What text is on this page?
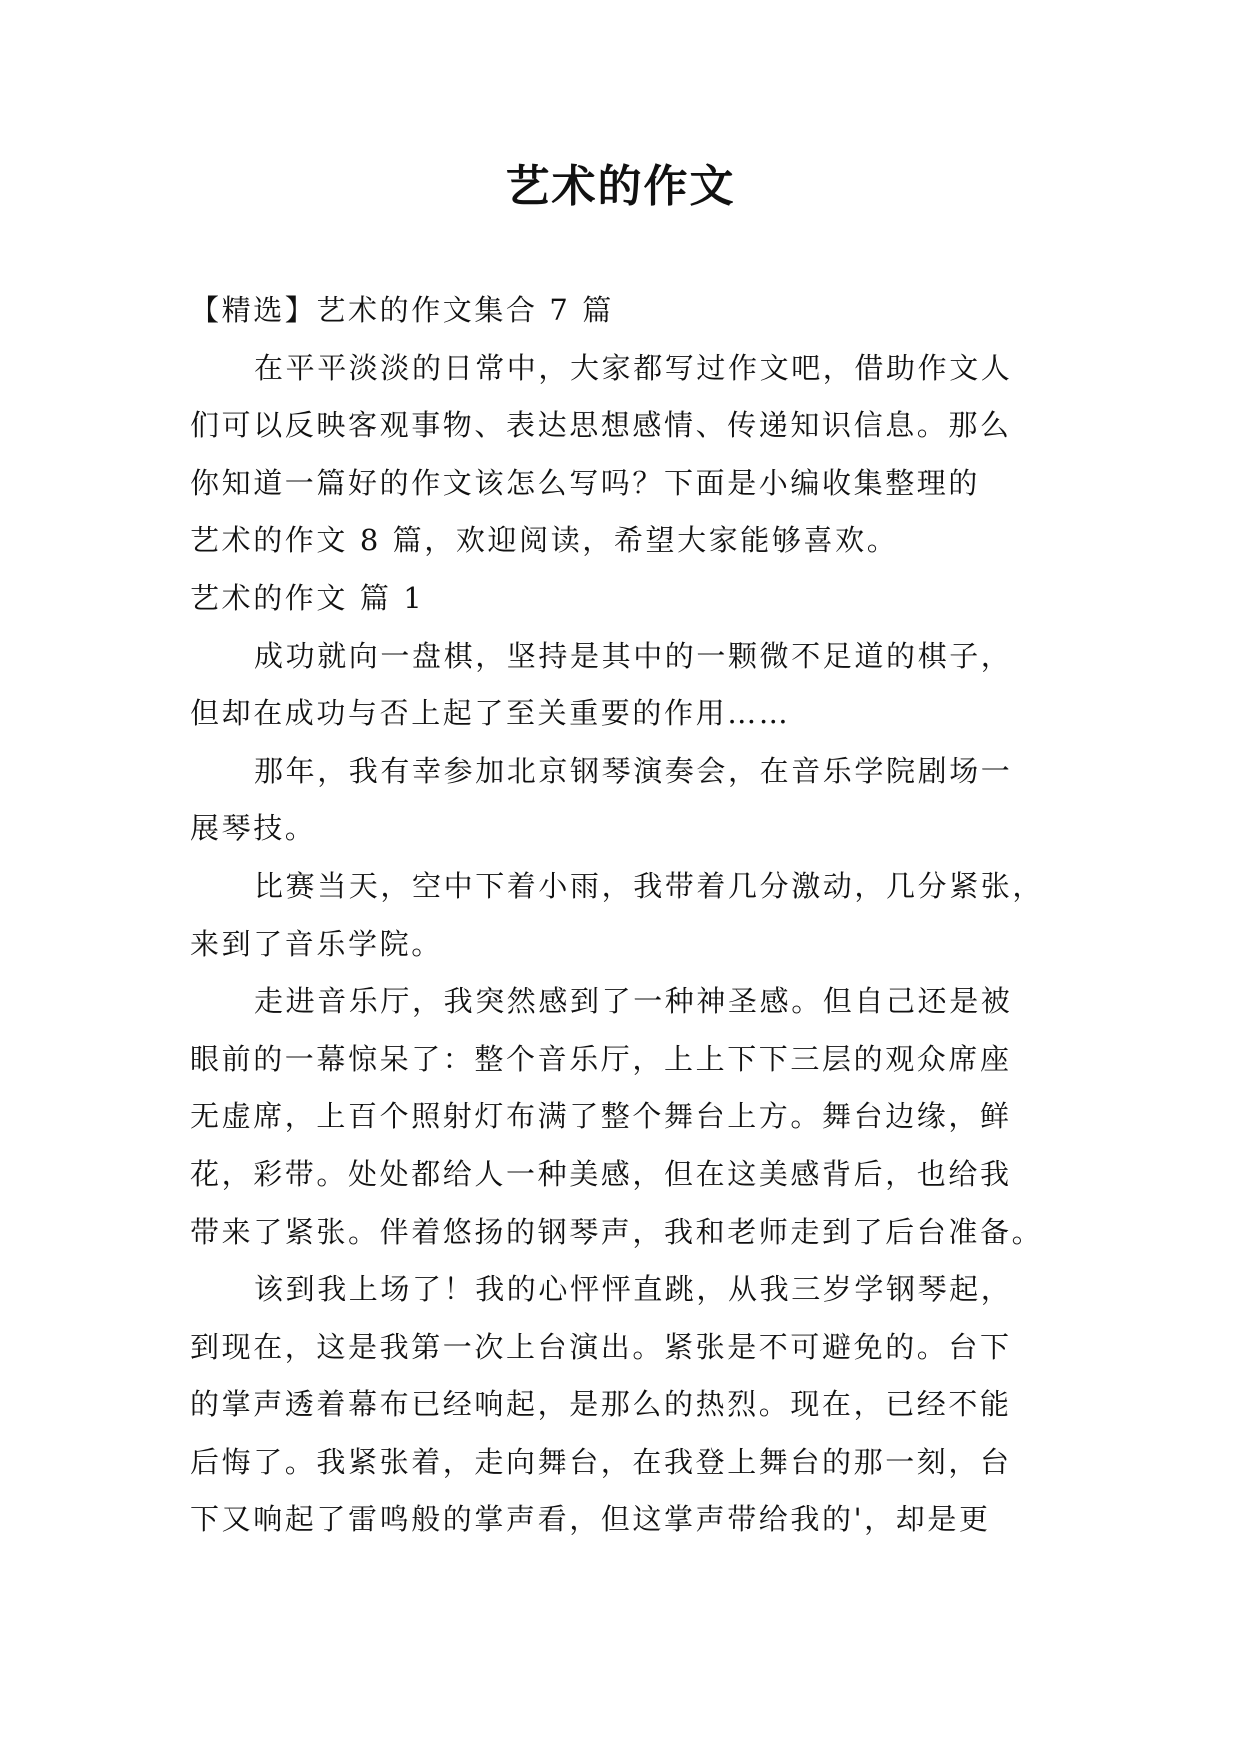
艺术的作文
【精选】艺术的作文集合 7 篇
在平平淡淡的日常中，大家都写过作文吧，借助作文人
们可以反映客观事物、表达思想感情、传递知识信息。那么
你知道一篇好的作文该怎么写吗？下面是小编收集整理的
艺术的作文 8 篇，欢迎阅读，希望大家能够喜欢。
艺术的作文 篇 1
成功就向一盘棋，坚持是其中的一颗微不足道的棋子，
但却在成功与否上起了至关重要的作用……
那年，我有幸参加北京钢琴演奏会，在音乐学院剧场一
展琴技。
比赛当天，空中下着小雨，我带着几分激动，几分紧张，
来到了音乐学院。
走进音乐厅，我突然感到了一种神圣感。但自己还是被
眼前的一幕惊呆了：整个音乐厅，上上下下三层的观众席座
无虚席，上百个照射灯布满了整个舞台上方。舞台边缘，鲜
花，彩带。处处都给人一种美感，但在这美感背后，也给我
带来了紧张。伴着悠扬的钢琴声，我和老师走到了后台准备。
该到我上场了！我的心怦怦直跳，从我三岁学钢琴起，
到现在，这是我第一次上台演出。紧张是不可避免的。台下
的掌声透着幕布已经响起，是那么的热烈。现在，已经不能
后悔了。我紧张着，走向舞台，在我登上舞台的那一刻，台
下又响起了雷鸣般的掌声看，但这掌声带给我的'，却是更
